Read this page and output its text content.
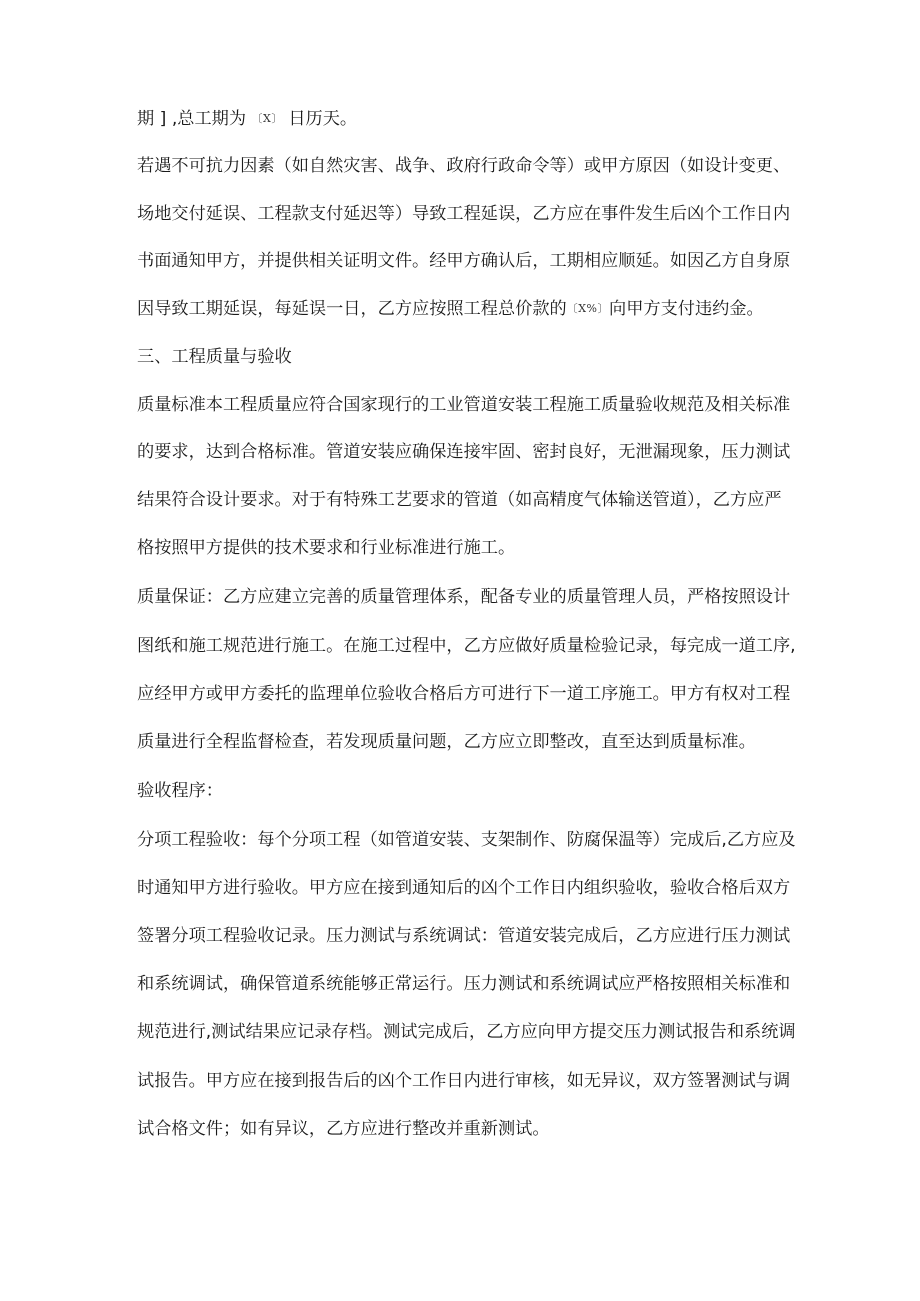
期 ] ,总工期为 〔X〕 日历天。
若遇不可抗力因素（如自然灾害、战争、政府行政命令等）或甲方原因（如设计变更、
场地交付延误、工程款支付延迟等）导致工程延误，乙方应在事件发生后凶个工作日内
书面通知甲方，并提供相关证明文件。经甲方确认后，工期相应顺延。如因乙方自身原
因导致工期延误，每延误一日，乙方应按照工程总价款的〔X%〕向甲方支付违约金。
三、工程质量与验收
质量标准本工程质量应符合国家现行的工业管道安装工程施工质量验收规范及相关标准
的要求，达到合格标准。管道安装应确保连接牢固、密封良好，无泄漏现象，压力测试
结果符合设计要求。对于有特殊工艺要求的管道（如高精度气体输送管道），乙方应严
格按照甲方提供的技术要求和行业标准进行施工。
质量保证：乙方应建立完善的质量管理体系，配备专业的质量管理人员，严格按照设计
图纸和施工规范进行施工。在施工过程中，乙方应做好质量检验记录，每完成一道工序,
应经甲方或甲方委托的监理单位验收合格后方可进行下一道工序施工。甲方有权对工程
质量进行全程监督检查，若发现质量问题，乙方应立即整改，直至达到质量标准。
验收程序：
分项工程验收：每个分项工程（如管道安装、支架制作、防腐保温等）完成后,乙方应及
时通知甲方进行验收。甲方应在接到通知后的凶个工作日内组织验收，验收合格后双方
签署分项工程验收记录。压力测试与系统调试：管道安装完成后，乙方应进行压力测试
和系统调试，确保管道系统能够正常运行。压力测试和系统调试应严格按照相关标准和
规范进行,测试结果应记录存档。测试完成后，乙方应向甲方提交压力测试报告和系统调
试报告。甲方应在接到报告后的凶个工作日内进行审核，如无异议，双方签署测试与调
试合格文件；如有异议，乙方应进行整改并重新测试。
